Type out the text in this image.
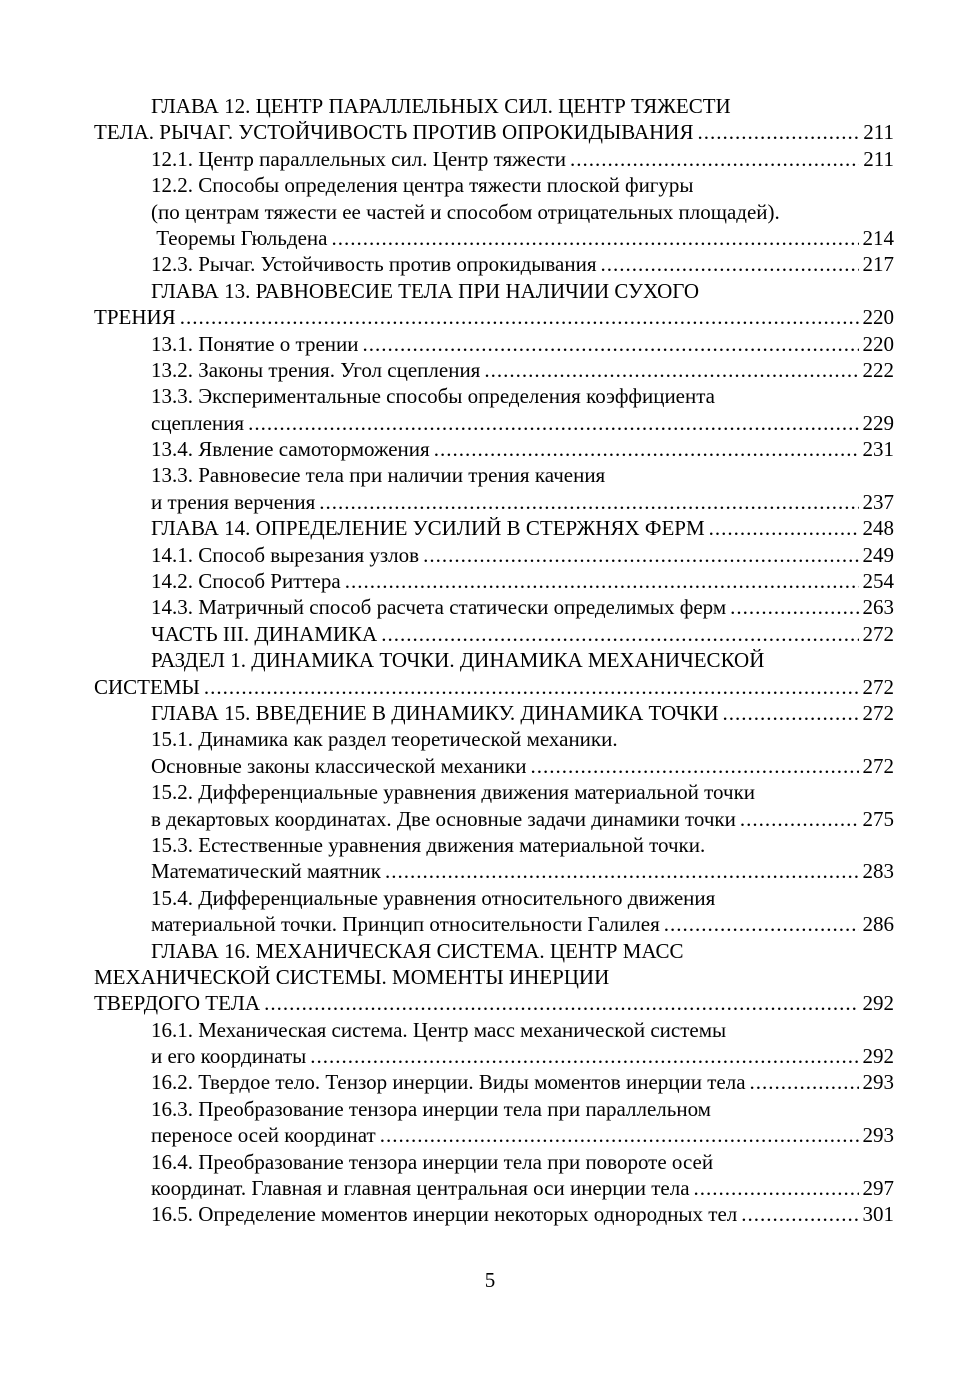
ГЛАВА 12. ЦЕНТР ПАРАЛЛЕЛЬНЫХ СИЛ. ЦЕНТР ТЯЖЕСТИ
ТЕЛА. РЫЧАГ. УСТОЙЧИВОСТЬ ПРОТИВ ОПРОКИДЫВАНИЯ .....	211
12.1. Центр параллельных сил. Центр тяжести .....	211
12.2. Способы определения центра тяжести плоской фигуры
(по центрам тяжести ее частей и способом отрицательных площадей).
Теоремы Гюльдена .....	214
12.3. Рычаг. Устойчивость против опрокидывания .....	217
ГЛАВА 13. РАВНОВЕСИЕ ТЕЛА ПРИ НАЛИЧИИ СУХОГО
ТРЕНИЯ .....	220
13.1. Понятие о трении .....	220
13.2. Законы трения. Угол сцепления .....	222
13.3. Экспериментальные способы определения коэффициента
сцепления .....	229
13.4. Явление самоторможения .....	231
13.3. Равновесие тела при наличии трения качения
и трения верчения .....	237
ГЛАВА 14. ОПРЕДЕЛЕНИЕ УСИЛИЙ В СТЕРЖНЯХ ФЕРМ .....	248
14.1. Способ вырезания узлов .....	249
14.2. Способ Риттера .....	254
14.3. Матричный способ расчета статически определимых ферм .....	263
ЧАСТЬ III. ДИНАМИКА .....	272
РАЗДЕЛ 1. ДИНАМИКА ТОЧКИ. ДИНАМИКА МЕХАНИЧЕСКОЙ
СИСТЕМЫ .....	272
ГЛАВА 15. ВВЕДЕНИЕ В ДИНАМИКУ. ДИНАМИКА ТОЧКИ .....	272
15.1. Динамика как раздел теоретической механики.
Основные законы классической механики .....	272
15.2. Дифференциальные уравнения движения материальной точки
в декартовых координатах. Две основные задачи динамики точки .....	275
15.3. Естественные уравнения движения материальной точки.
Математический маятник .....	283
15.4. Дифференциальные уравнения относительного движения
материальной точки. Принцип относительности Галилея .....	286
ГЛАВА 16. МЕХАНИЧЕСКАЯ СИСТЕМА. ЦЕНТР МАСС
МЕХАНИЧЕСКОЙ СИСТЕМЫ. МОМЕНТЫ ИНЕРЦИИ
ТВЕРДОГО ТЕЛА .....	292
16.1. Механическая система. Центр масс механической системы
и его координаты .....	292
16.2. Твердое тело. Тензор инерции. Виды моментов инерции тела .....	293
16.3. Преобразование тензора инерции тела при параллельном
переносе осей координат .....	293
16.4. Преобразование тензора инерции тела при повороте осей
координат. Главная и главная центральная оси инерции тела .....	297
16.5. Определение моментов инерции некоторых однородных тел .....	301
5
